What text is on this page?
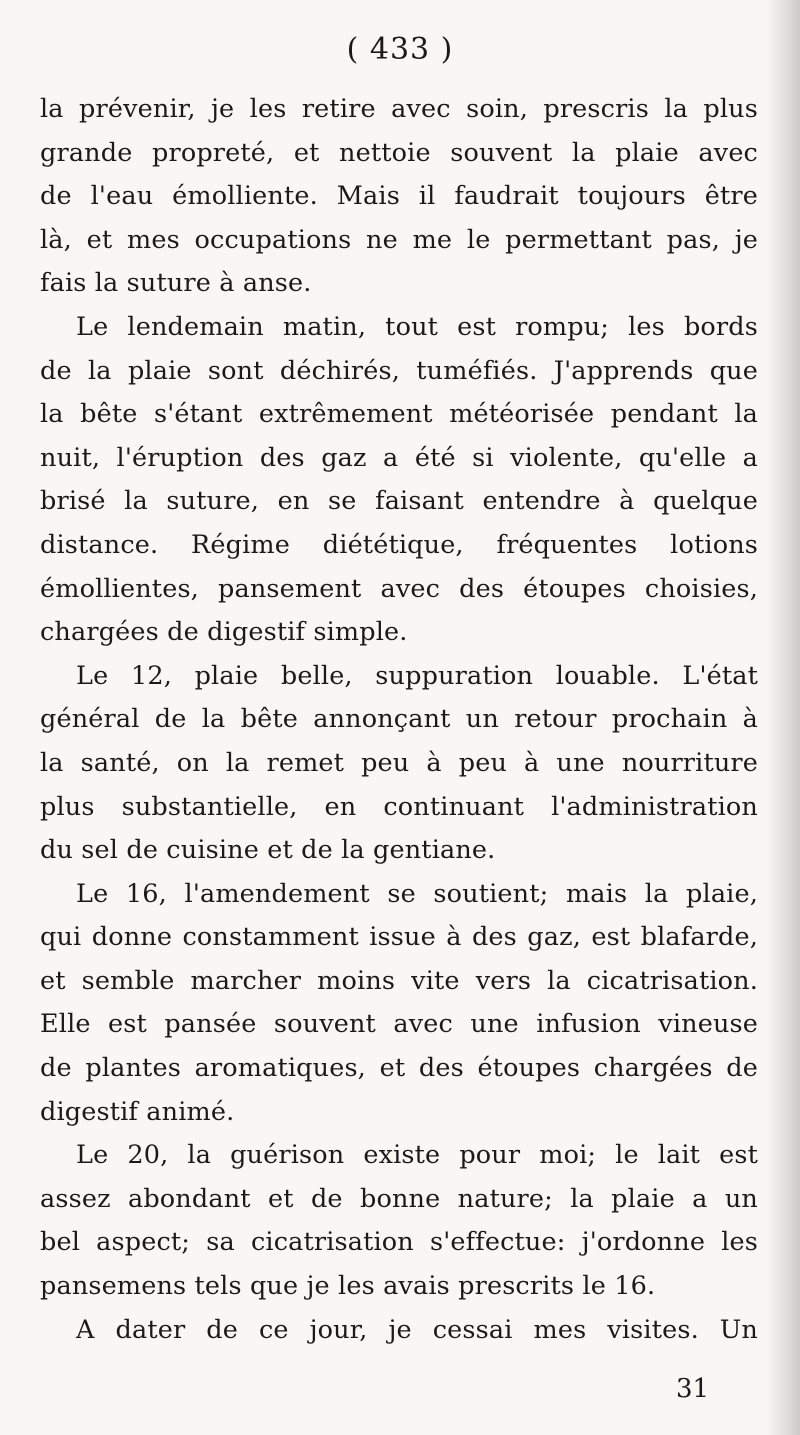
( 433 )
la prévenir, je les retire avec soin, prescris la plus
grande propreté, et nettoie souvent la plaie avec
de l'eau émolliente. Mais il faudrait toujours être
là, et mes occupations ne me le permettant pas, je
fais la suture à anse.
Le lendemain matin, tout est rompu; les bords
de la plaie sont déchirés, tuméfiés. J'apprends que
la bête s'étant extrêmement météorisée pendant la
nuit, l'éruption des gaz a été si violente, qu'elle a
brisé la suture, en se faisant entendre à quelque
distance. Régime diététique, fréquentes lotions
émollientes, pansement avec des étoupes choisies,
chargées de digestif simple.
Le 12, plaie belle, suppuration louable. L'état
général de la bête annonçant un retour prochain à
la santé, on la remet peu à peu à une nourriture
plus substantielle, en continuant l'administration
du sel de cuisine et de la gentiane.
Le 16, l'amendement se soutient; mais la plaie,
qui donne constamment issue à des gaz, est blafarde,
et semble marcher moins vite vers la cicatrisation.
Elle est pansée souvent avec une infusion vineuse
de plantes aromatiques, et des étoupes chargées de
digestif animé.
Le 20, la guérison existe pour moi; le lait est
assez abondant et de bonne nature; la plaie a un
bel aspect; sa cicatrisation s'effectue: j'ordonne les
pansemens tels que je les avais prescrits le 16.
A dater de ce jour, je cessai mes visites. Un
31
